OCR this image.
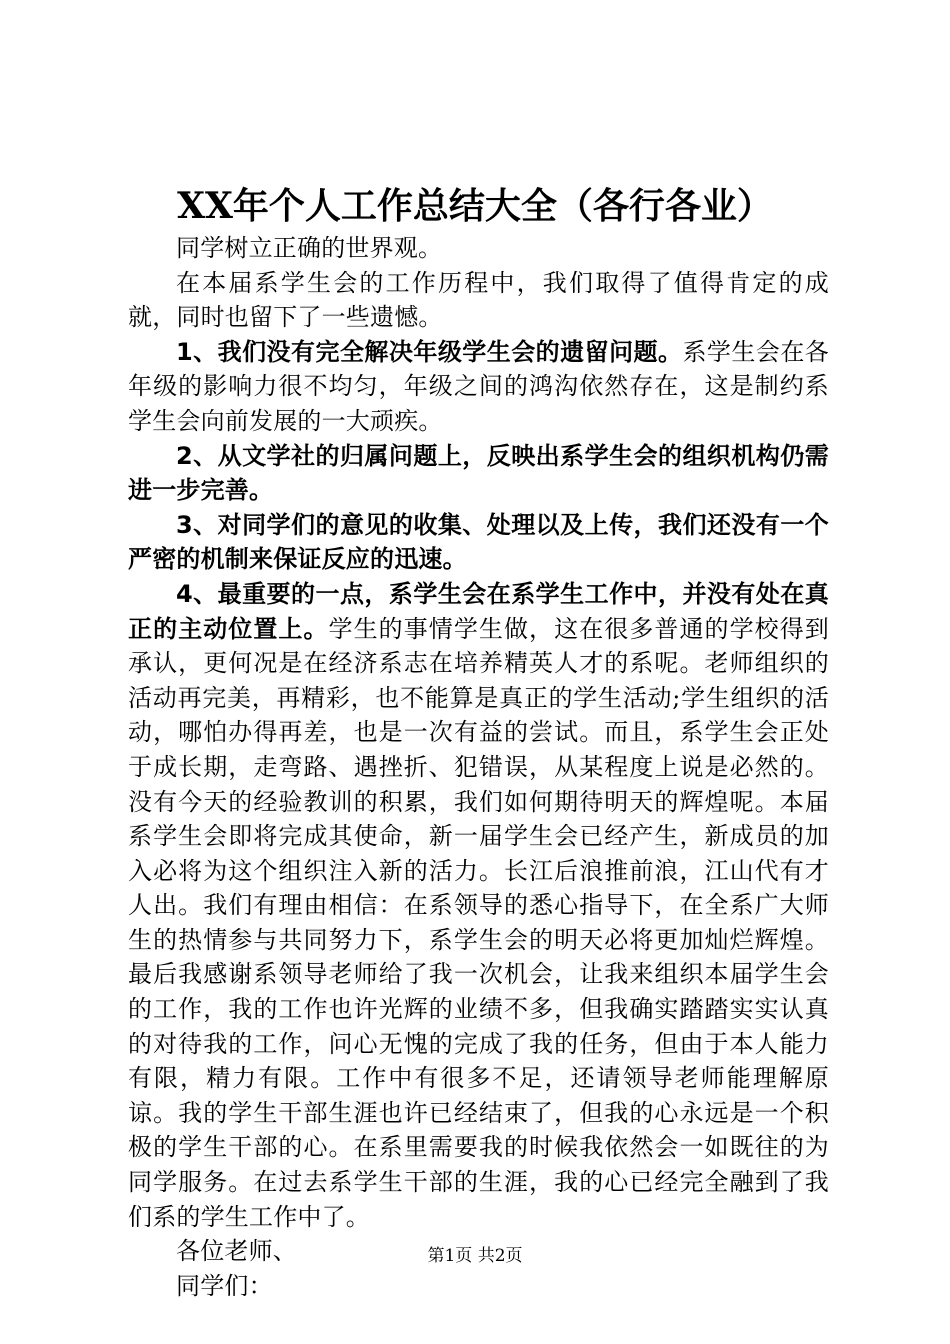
XX年个人工作总结大全（各行各业）

同学树立正确的世界观。

在本届系学生会的工作历程中，我们取得了值得肯定的成就，同时也留下了一些遗憾。

1、我们没有完全解决年级学生会的遗留问题。系学生会在各年级的影响力很不均匀，年级之间的鸿沟依然存在，这是制约系学生会向前发展的一大顽疾。

2、从文学社的归属问题上，反映出系学生会的组织机构仍需进一步完善。

3、对同学们的意见的收集、处理以及上传，我们还没有一个严密的机制来保证反应的迅速。

4、最重要的一点，系学生会在系学生工作中，并没有处在真正的主动位置上。学生的事情学生做，这在很多普通的学校得到承认，更何况是在经济系志在培养精英人才的系呢。老师组织的活动再完美，再精彩，也不能算是真正的学生活动;学生组织的活动，哪怕办得再差，也是一次有益的尝试。而且，系学生会正处于成长期，走弯路、遇挫折、犯错误，从某程度上说是必然的。没有今天的经验教训的积累，我们如何期待明天的辉煌呢。本届系学生会即将完成其使命，新一届学生会已经产生，新成员的加入必将为这个组织注入新的活力。长江后浪推前浪，江山代有才人出。我们有理由相信：在系领导的悉心指导下，在全系广大师生的热情参与共同努力下，系学生会的明天必将更加灿烂辉煌。最后我感谢系领导老师给了我一次机会，让我来组织本届学生会的工作，我的工作也许光辉的业绩不多，但我确实踏踏实实认真的对待我的工作，问心无愧的完成了我的任务，但由于本人能力有限，精力有限。工作中有很多不足，还请领导老师能理解原谅。我的学生干部生涯也许已经结束了，但我的心永远是一个积极的学生干部的心。在系里需要我的时候我依然会一如既往的为同学服务。在过去系学生干部的生涯，我的心已经完全融到了我们系的学生工作中了。

各位老师、

同学们：

第1页 共2页
